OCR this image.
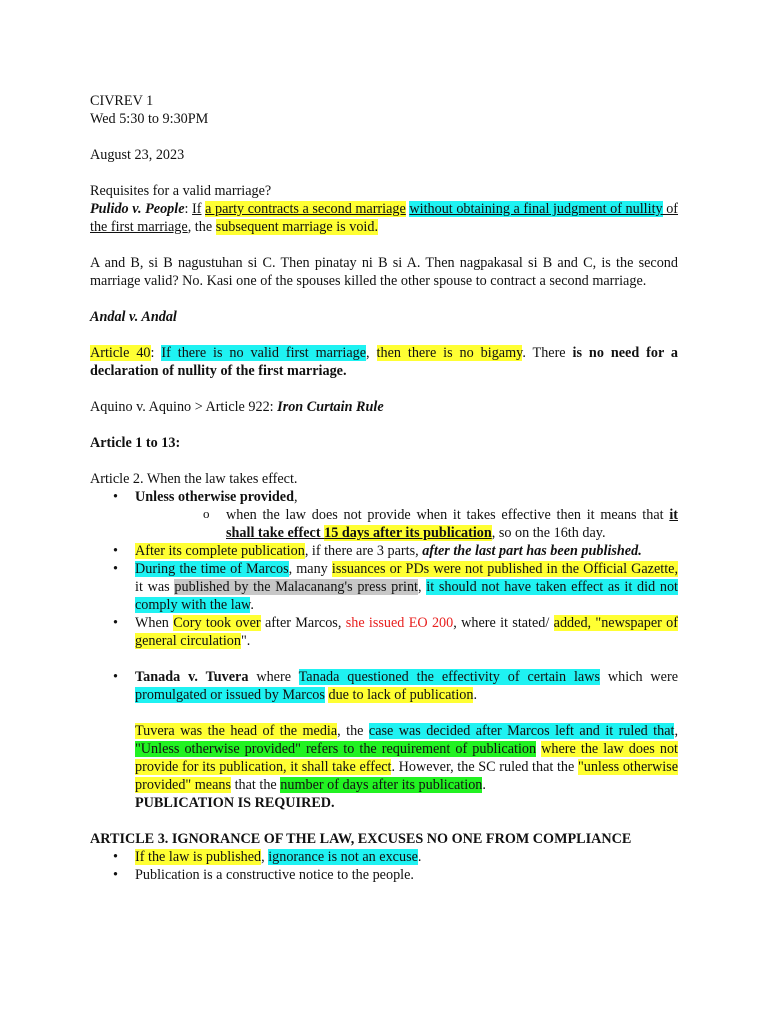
CIVREV 1

Wed 5:30 to 9:30PM

August 23, 2023

Requisites for a valid marriage?

Pulido v. People: If a party contracts a second marriage without obtaining a final judgment of nullity of the first marriage, the subsequent marriage is void.

A and B, si B nagustuhan si C. Then pinatay ni B si A. Then nagpakasal si B and C, is the second marriage valid? No. Kasi one of the spouses killed the other spouse to contract a second marriage.

Andal v. Andal

Article 40: If there is no valid first marriage, then there is no bigamy. There is no need for a declaration of nullity of the first marriage.

Aquino v. Aquino > Article 922: Iron Curtain Rule

Article 1 to 13:

Article 2. When the law takes effect.

• Unless otherwise provided,
o when the law does not provide when it takes effective then it means that it shall take effect 15 days after its publication, so on the 16th day.
• After its complete publication, if there are 3 parts, after the last part has been published.
• During the time of Marcos, many issuances or PDs were not published in the Official Gazette, it was published by the Malacanang's press print, it should not have taken effect as it did not comply with the law.
• When Cory took over after Marcos, she issued EO 200, where it stated/ added, "newspaper of general circulation".
• Tanada v. Tuvera where Tanada questioned the effectivity of certain laws which were promulgated or issued by Marcos due to lack of publication.

Tuvera was the head of the media, the case was decided after Marcos left and it ruled that, "Unless otherwise provided" refers to the requirement of publication where the law does not provide for its publication, it shall take effect. However, the SC ruled that the "unless otherwise provided" means that the number of days after its publication.
PUBLICATION IS REQUIRED.

ARTICLE 3. IGNORANCE OF THE LAW, EXCUSES NO ONE FROM COMPLIANCE

• If the law is published, ignorance is not an excuse.
• Publication is a constructive notice to the people.
